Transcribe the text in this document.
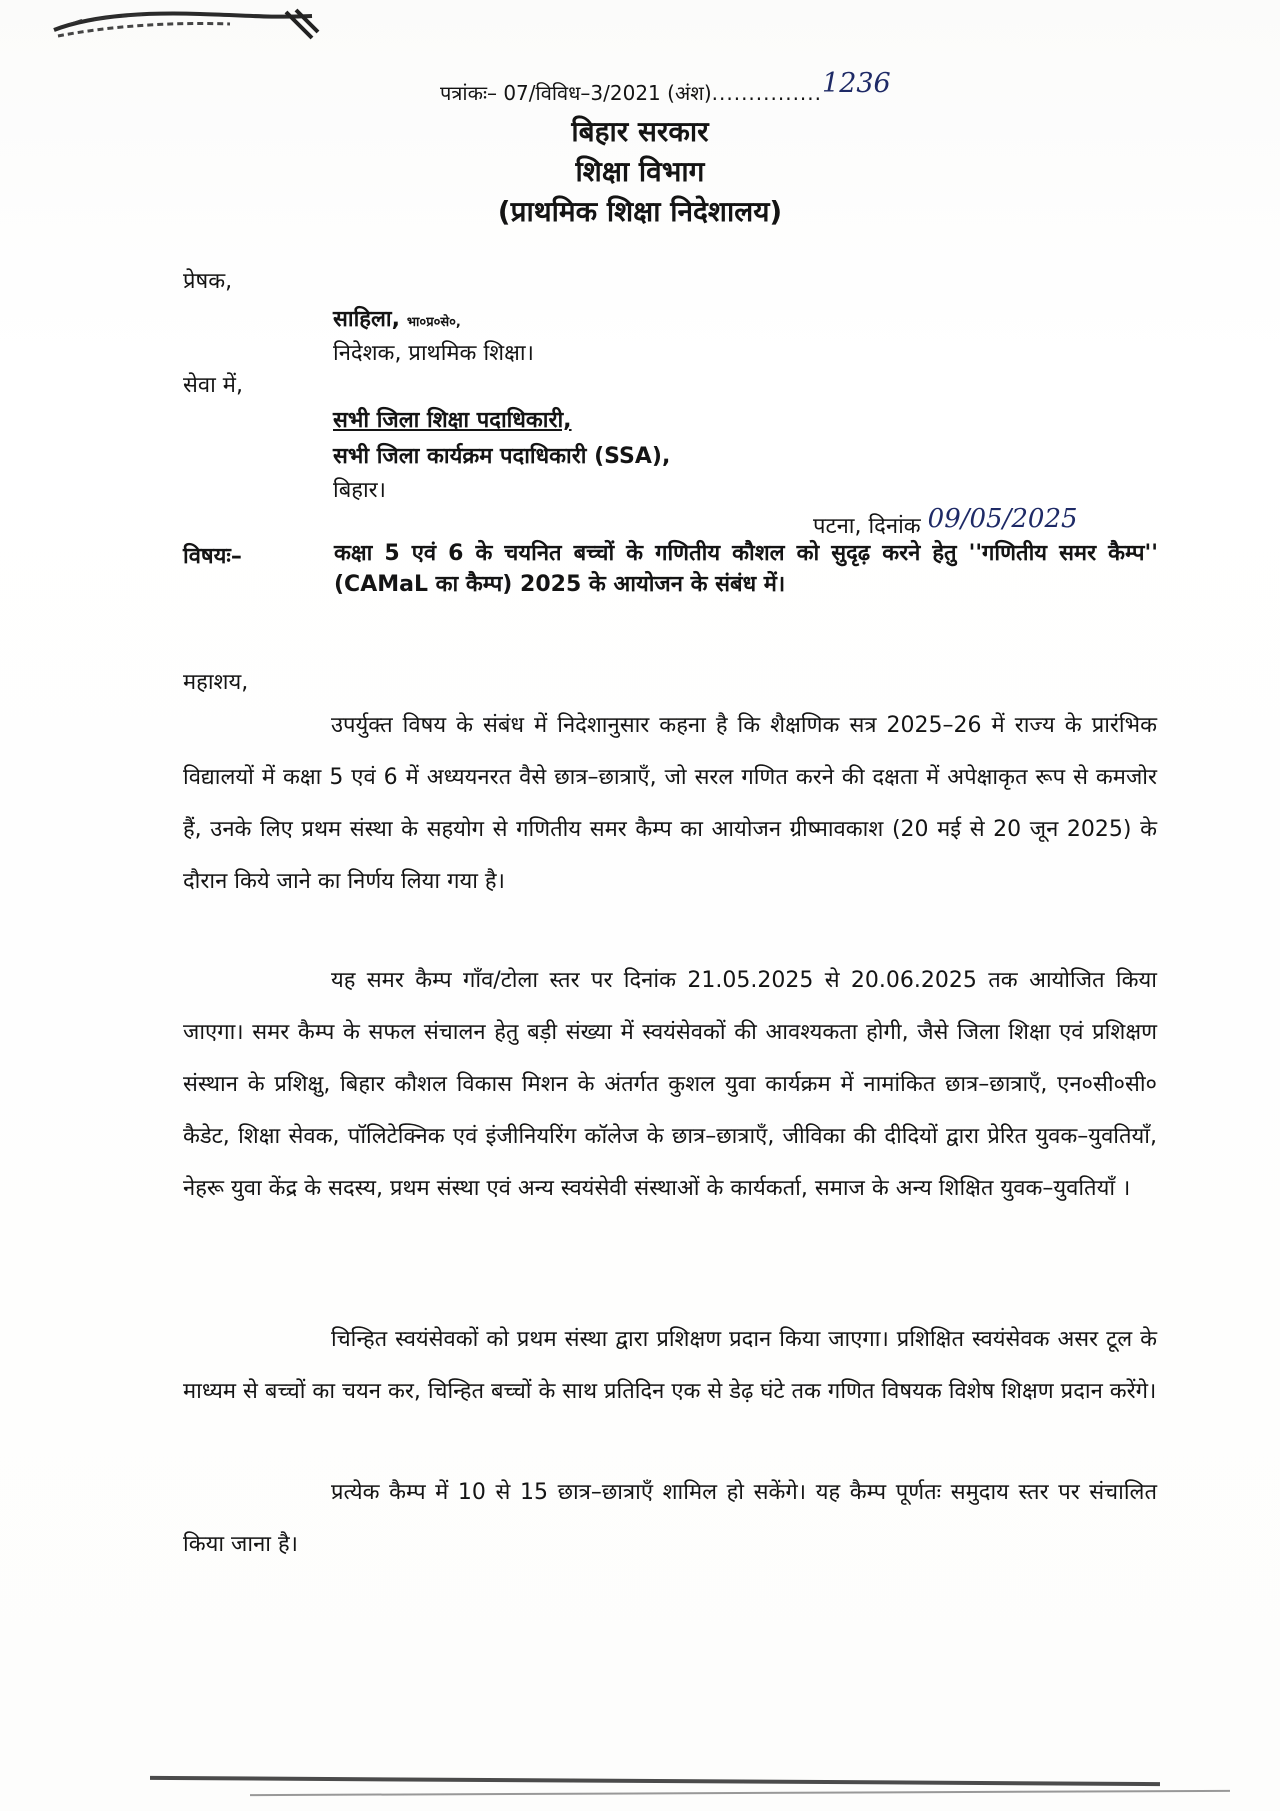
पत्रांकः– 07/विविध–3/2021 (अंश)...............1236
बिहार सरकार
शिक्षा विभाग
(प्राथमिक शिक्षा निदेशालय)
प्रेषक,
साहिला, भा०प्र०से०,
निदेशक, प्राथमिक शिक्षा।
सेवा में,
सभी जिला शिक्षा पदाधिकारी,
सभी जिला कार्यक्रम पदाधिकारी (SSA),
बिहार।
पटना, दिनांक 09/05/2025
विषयः–	कक्षा 5 एवं 6 के चयनित बच्चों के गणितीय कौशल को सुदृढ़ करने हेतु ''गणितीय समर कैम्प'' (CAMaL का कैम्प) 2025 के आयोजन के संबंध में।
महाशय,
उपर्युक्त विषय के संबंध में निदेशानुसार कहना है कि शैक्षणिक सत्र 2025–26 में राज्य के प्रारंभिक विद्यालयों में कक्षा 5 एवं 6 में अध्ययनरत वैसे छात्र–छात्राएँ, जो सरल गणित करने की दक्षता में अपेक्षाकृत रूप से कमजोर हैं, उनके लिए प्रथम संस्था के सहयोग से गणितीय समर कैम्प का आयोजन ग्रीष्मावकाश (20 मई से 20 जून 2025) के दौरान किये जाने का निर्णय लिया गया है।
यह समर कैम्प गाँव/टोला स्तर पर दिनांक 21.05.2025 से 20.06.2025 तक आयोजित किया जाएगा। समर कैम्प के सफल संचालन हेतु बड़ी संख्या में स्वयंसेवकों की आवश्यकता होगी, जैसे जिला शिक्षा एवं प्रशिक्षण संस्थान के प्रशिक्षु, बिहार कौशल विकास मिशन के अंतर्गत कुशल युवा कार्यक्रम में नामांकित छात्र–छात्राएँ, एन०सी०सी० कैडेट, शिक्षा सेवक, पॉलिटेक्निक एवं इंजीनियरिंग कॉलेज के छात्र–छात्राएँ, जीविका की दीदियों द्वारा प्रेरित युवक–युवतियाँ, नेहरू युवा केंद्र के सदस्य, प्रथम संस्था एवं अन्य स्वयंसेवी संस्थाओं के कार्यकर्ता, समाज के अन्य शिक्षित युवक–युवतियाँ ।
चिन्हित स्वयंसेवकों को प्रथम संस्था द्वारा प्रशिक्षण प्रदान किया जाएगा। प्रशिक्षित स्वयंसेवक असर टूल के माध्यम से बच्चों का चयन कर, चिन्हित बच्चों के साथ प्रतिदिन एक से डेढ़ घंटे तक गणित विषयक विशेष शिक्षण प्रदान करेंगे।
प्रत्येक कैम्प में 10 से 15 छात्र–छात्राएँ शामिल हो सकेंगे। यह कैम्प पूर्णतः समुदाय स्तर पर संचालित किया जाना है।
